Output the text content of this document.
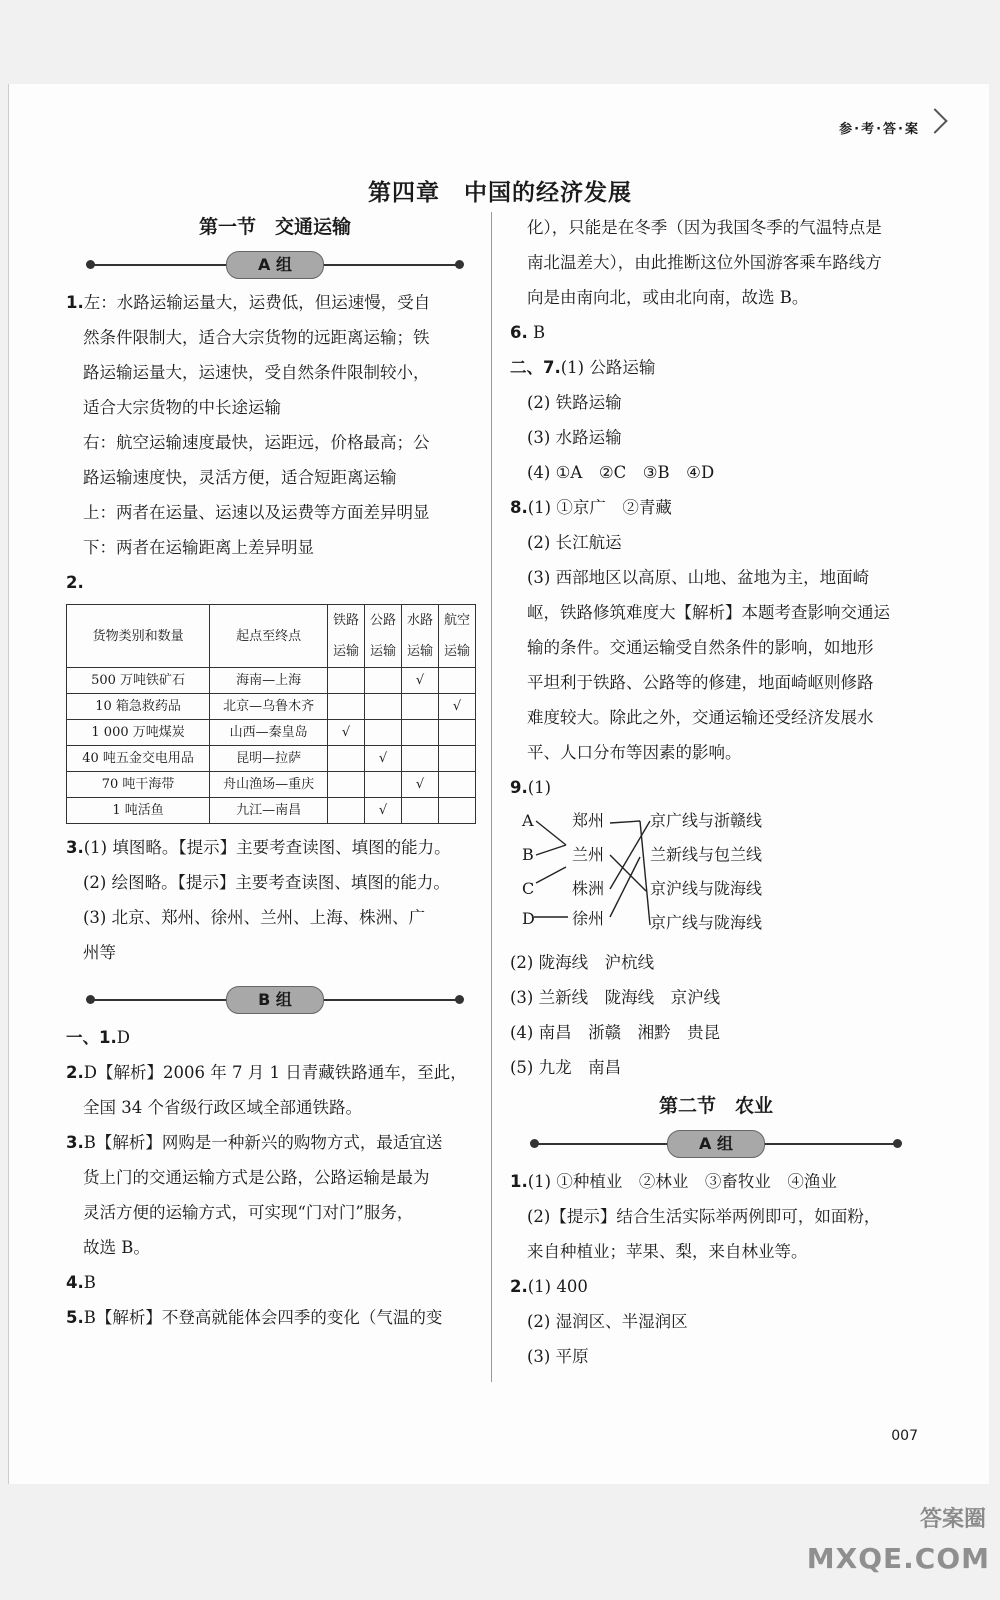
参·考·答·案
第四章　中国的经济发展

第一节　交通运输

A 组

1.左：水路运输运量大，运费低，但运速慢，受自

然条件限制大，适合大宗货物的远距离运输；铁

路运输运量大，运速快，受自然条件限制较小，

适合大宗货物的中长途运输

右：航空运输速度最快，运距远，价格最高；公

路运输速度快，灵活方便，适合短距离运输

上：两者在运量、运速以及运费等方面差异明显

下：两者在运输距离上差异明显

2.

货物类别和数量	起点至终点	铁路运输	公路运输	水路运输	航空运输
500 万吨铁矿石	海南—上海			√	
10 箱急救药品	北京—乌鲁木齐				√
1 000 万吨煤炭	山西—秦皇岛	√			
40 吨五金交电用品	昆明—拉萨		√		
70 吨干海带	舟山渔场—重庆			√	
1 吨活鱼	九江—南昌		√		

3.(1) 填图略。【提示】主要考查读图、填图的能力。

(2) 绘图略。【提示】主要考查读图、填图的能力。

(3) 北京、郑州、徐州、兰州、上海、株洲、广

州等

B 组

一、1.D

2.D【解析】2006 年 7 月 1 日青藏铁路通车，至此，

全国 34 个省级行政区域全部通铁路。

3.B【解析】网购是一种新兴的购物方式，最适宜送

货上门的交通运输方式是公路，公路运输是最为

灵活方便的运输方式，可实现“门对门”服务，

故选 B。

4.B

5.B【解析】不登高就能体会四季的变化（气温的变

化），只能是在冬季（因为我国冬季的气温特点是

南北温差大），由此推断这位外国游客乘车路线方

向是由南向北，或由北向南，故选 B。

6. B

二、7.(1) 公路运输

(2) 铁路运输

(3) 水路运输

(4) ①A　②C　③B　④D

8.(1) ①京广　②青藏

(2) 长江航运

(3) 西部地区以高原、山地、盆地为主，地面崎

岖，铁路修筑难度大【解析】本题考查影响交通运

输的条件。交通运输受自然条件的影响，如地形

平坦利于铁路、公路等的修建，地面崎岖则修路

难度较大。除此之外，交通运输还受经济发展水

平、人口分布等因素的影响。

9.(1)

A
B
C
D
郑州
兰州
株洲
徐州
京广线与浙赣线
兰新线与包兰线
京沪线与陇海线
京广线与陇海线

(2) 陇海线　沪杭线

(3) 兰新线　陇海线　京沪线

(4) 南昌　浙赣　湘黔　贵昆

(5) 九龙　南昌

第二节　农业

A 组

1.(1) ①种植业　②林业　③畜牧业　④渔业

(2)【提示】结合生活实际举两例即可，如面粉，

来自种植业；苹果、梨，来自林业等。

2.(1) 400

(2) 湿润区、半湿润区

(3) 平原

007
答案圈
MXQE.COM
